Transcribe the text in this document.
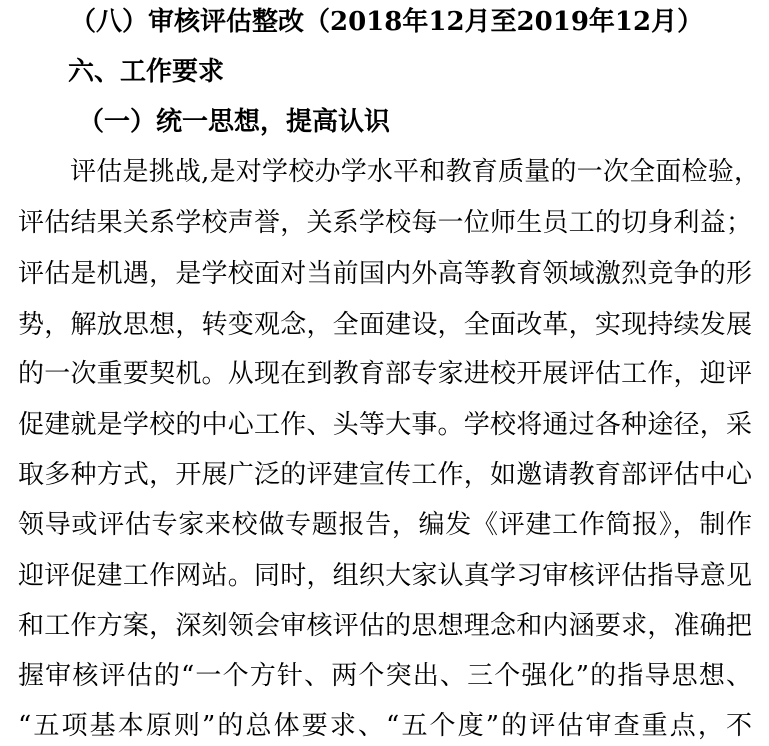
（八）审核评估整改（2018年12月至2019年12月）
六、工作要求
（一）统一思想，提高认识
评估是挑战,是对学校办学水平和教育质量的一次全面检验，
评估结果关系学校声誉，关系学校每一位师生员工的切身利益；
评估是机遇，是学校面对当前国内外高等教育领域激烈竞争的形
势，解放思想，转变观念，全面建设，全面改革，实现持续发展
的一次重要契机。从现在到教育部专家进校开展评估工作，迎评
促建就是学校的中心工作、头等大事。学校将通过各种途径，采
取多种方式，开展广泛的评建宣传工作，如邀请教育部评估中心
领导或评估专家来校做专题报告，编发《评建工作简报》，制作
迎评促建工作网站。同时，组织大家认真学习审核评估指导意见
和工作方案，深刻领会审核评估的思想理念和内涵要求，准确把
握审核评估的“一个方针、两个突出、三个强化”的指导思想、
“五项基本原则”的总体要求、“五个度”的评估审查重点，不
